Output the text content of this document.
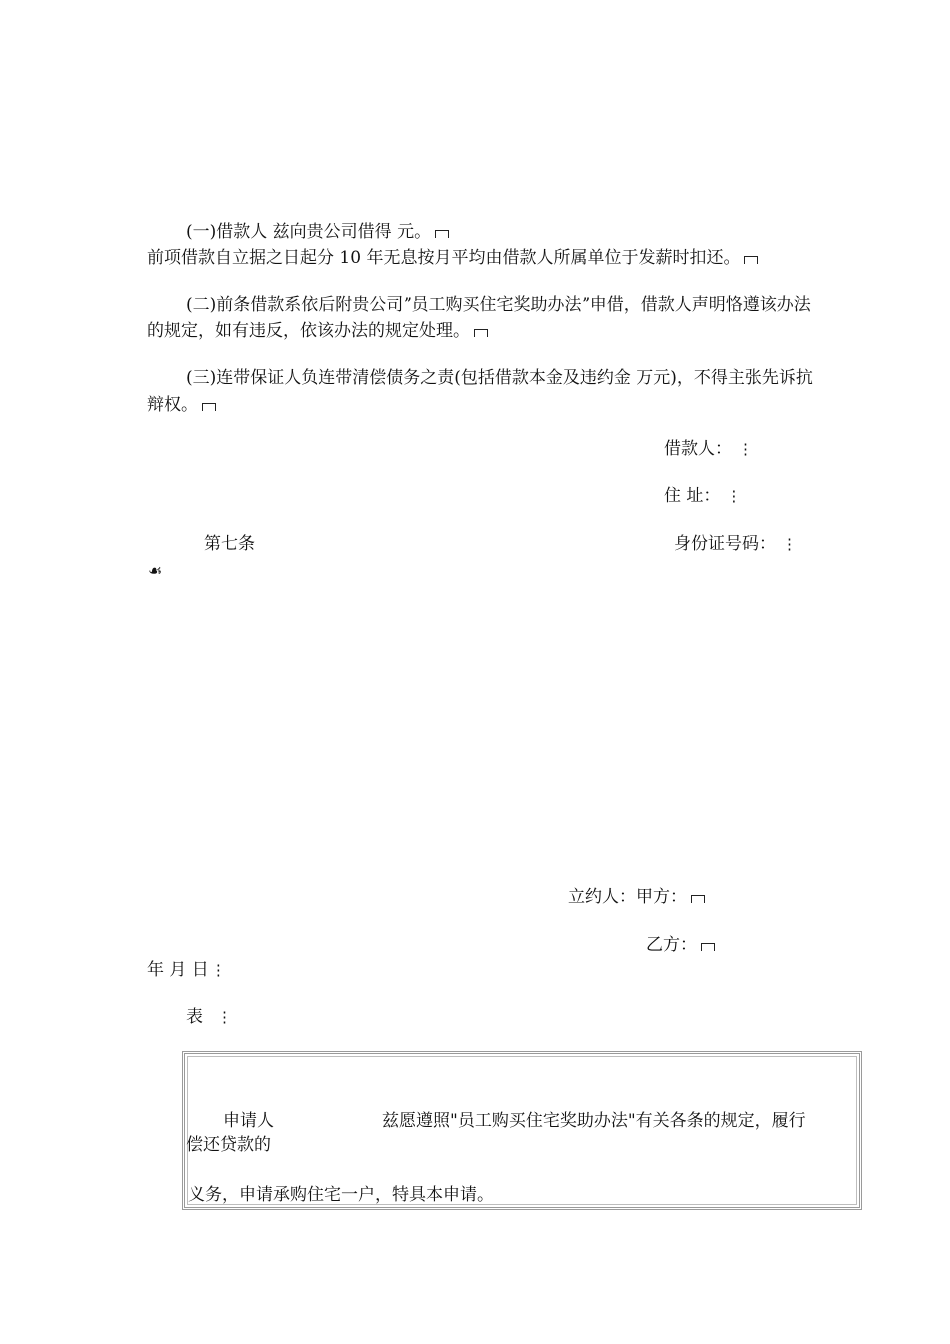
(一)借款人 兹向贵公司借得 元。
前项借款自立据之日起分 10 年无息按月平均由借款人所属单位于发薪时扣还。
(二)前条借款系依后附贵公司ˮ员工购买住宅奖助办法ˮ申借，借款人声明恪遵该办法
的规定，如有违反，依该办法的规定处理。
(三)连带保证人负连带清偿债务之责(包括借款本金及违约金 万元)，不得主张先诉抗
辩权。
借款人： ⋮
住 址： ⋮
第七条	身份证号码： ⋮
☙
立约人：甲方：
乙方：
年 月 日 ⋮
表 ⋮
申请人	兹愿遵照"员工购买住宅奖助办法"有关各条的规定，履行
偿还贷款的
义务，申请承购住宅一户，特具本申请。
